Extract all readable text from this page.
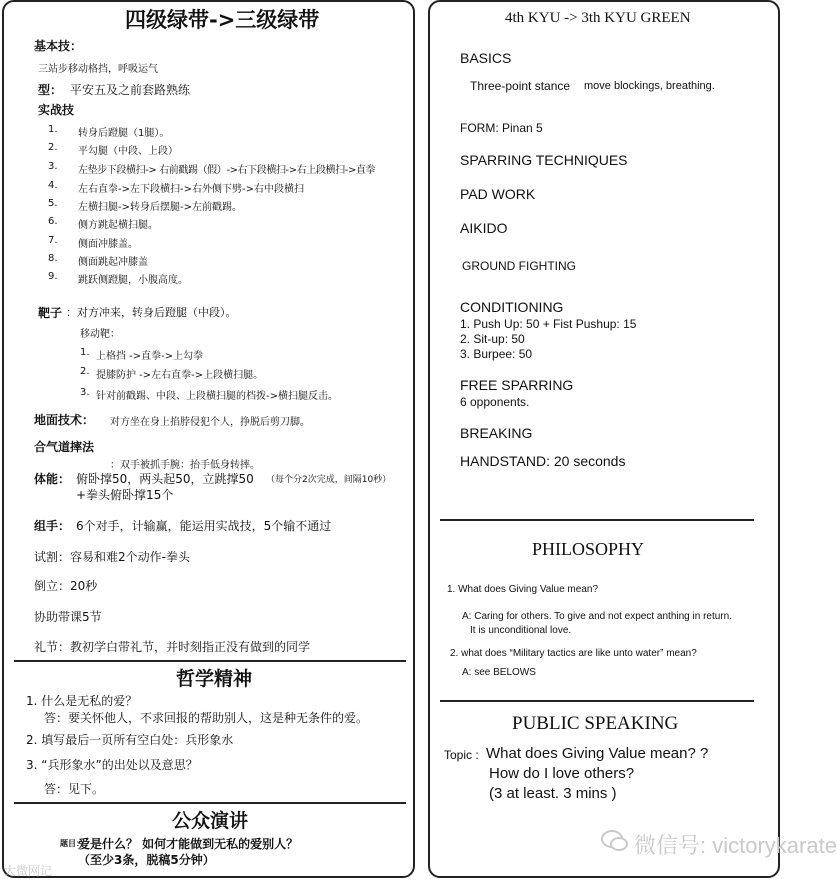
四级绿带->三级绿带
基本技：
三站步移动格挡，呼吸运气
型： 平安五及之前套路熟练
实战技
1. 转身后蹬腿（1腿）。
2. 平勾腿（中段、上段）
3. 左垫步下段横扫-> 右前戳踢（假）->右下段横扫->右上段横扫->直拳
4. 左右直拳->左下段横扫->右外侧下劈->右中段横扫
5. 左横扫腿->转身后摆腿->左前戳踢。
6. 侧方跳起横扫腿。
7. 侧面冲膝盖。
8. 侧面跳起冲膝盖
9. 跳跃侧蹬腿，小腹高度。
靶子 ：对方冲来，转身后蹬腿（中段）。
移动靶：
1. 上格挡 ->直拳->上勾拳
2. 提膝防护 ->左右直拳->上段横扫腿。
3. 针对前戳踢、中段、上段横扫腿的档拨->横扫腿反击。
地面技术： 对方坐在身上掐脖侵犯个人，挣脱后剪刀脚。
合气道摔法
：双手被抓手腕：抬手低身转摔。
体能： 俯卧撑50，两头起50，立跳撑50 （每个分2次完成，间隔10秒）
+拳头俯卧撑15个
组手： 6个对手，计输赢，能运用实战技，5个输不通过
试割：容易和难2个动作-拳头
倒立：20秒
协助带课5节
礼节：教初学白带礼节，并时刻指正没有做到的同学
哲学精神
1. 什么是无私的爱？
答：要关怀他人，不求回报的帮助别人，这是种无条件的爱。
2. 填写最后一页所有空白处：兵形象水
3. “兵形象水”的出处以及意思？
答：见下。
公众演讲
题目：
爱是什么？ 如何才能做到无私的爱别人？
（至少3条，脱稿5分钟）
4th KYU -> 3th KYU GREEN
BASICS
Three-point stance move blockings, breathing.
FORM: Pinan 5
SPARRING TECHNIQUES
PAD WORK
AIKIDO
GROUND FIGHTING
CONDITIONING
1. Push Up: 50 + Fist Pushup: 15
2. Sit-up: 50
3. Burpee: 50
FREE SPARRING
6 opponents.
BREAKING
HANDSTAND: 20 seconds
PHILOSOPHY
1. What does Giving Value mean?
A: Caring for others. To give and not expect anthing in return.
It is unconditional love.
2. what does “Military tactics are like unto water” mean?
A: see BELOWS
PUBLIC SPEAKING
Topic : What does Giving Value mean? ?
How do I love others?
(3 at least. 3 mins )
微信号: victorykarate
大微网记
